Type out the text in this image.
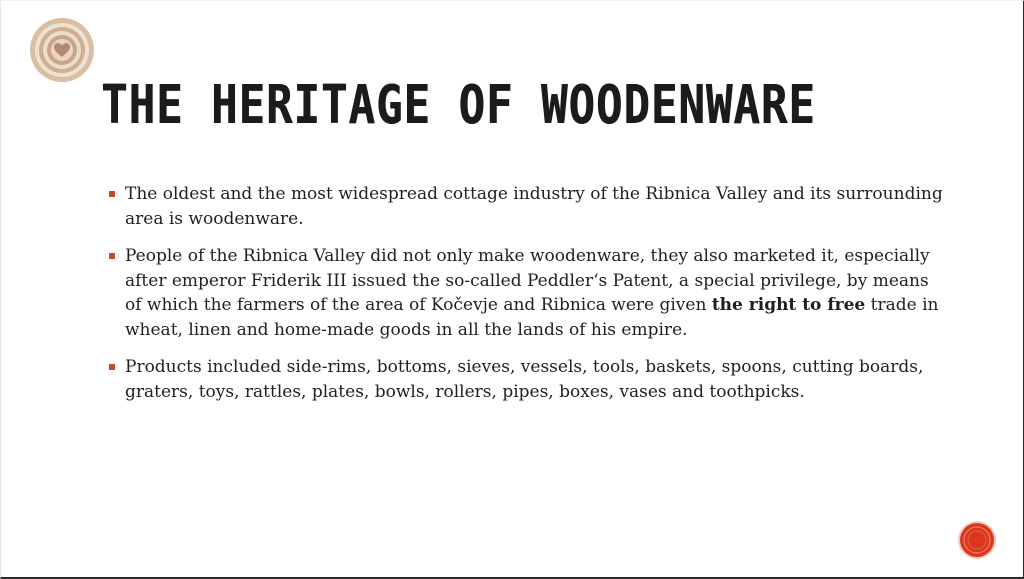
THE HERITAGE OF WOODENWARE
The oldest and the most widespread cottage industry of the Ribnica Valley and its surrounding area is woodenware.
People of the Ribnica Valley did not only make woodenware, they also marketed it, especially after emperor Friderik III issued the so-called Peddler‘s Patent, a special privilege, by means of which the farmers of the area of Kočevje and Ribnica were given the right to free trade in wheat, linen and home-made goods in all the lands of his empire.
Products included side-rims, bottoms, sieves, vessels, tools, baskets, spoons, cutting boards, graters, toys, rattles, plates, bowls, rollers, pipes, boxes, vases and toothpicks.
